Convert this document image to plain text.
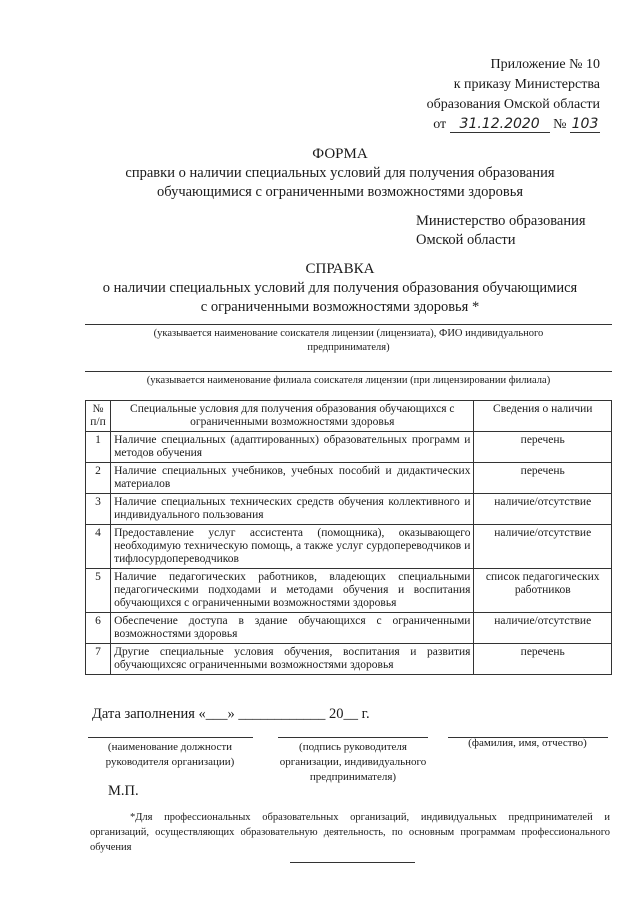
Приложение № 10
к приказу Министерства
образования Омской области
от 31.12.2020 № 103
ФОРМА
справки о наличии специальных условий для получения образования
обучающимися с ограниченными возможностями здоровья
Министерство образования
Омской области
СПРАВКА
о наличии специальных условий для получения образования обучающимися
с ограниченными возможностями здоровья *
(указывается наименование соискателя лицензии (лицензиата), ФИО индивидуального
предпринимателя)
(указывается наименование филиала соискателя лицензии (при лицензировании филиала)
№ п/п	Специальные условия для получения образования обучающихся с ограниченными возможностями здоровья	Сведения о наличии
1	Наличие специальных (адаптированных) образовательных программ и методов обучения	перечень
2	Наличие специальных учебников, учебных пособий и дидактических материалов	перечень
3	Наличие специальных технических средств обучения коллективного и индивидуального пользования	наличие/отсутствие
4	Предоставление услуг ассистента (помощника), оказывающего необходимую техническую помощь, а также услуг сурдопереводчиков и тифлосурдопереводчиков	наличие/отсутствие
5	Наличие педагогических работников, владеющих специальными педагогическими подходами и методами обучения и воспитания обучающихся с ограниченными возможностями здоровья	список педагогических работников
6	Обеспечение доступа в здание обучающихся с ограниченными возможностями здоровья	наличие/отсутствие
7	Другие специальные условия обучения, воспитания и развития обучающихсяс ограниченными возможностями здоровья	перечень
Дата заполнения «___» ____________ 20__ г.
(наименование должности
руководителя организации)
(подпись руководителя
организации, индивидуального
предпринимателя)
(фамилия, имя, отчество)
М.П.
*Для профессиональных образовательных организаций, индивидуальных предпринимателей и организаций, осуществляющих образовательную деятельность, по основным программам профессионального обучения
